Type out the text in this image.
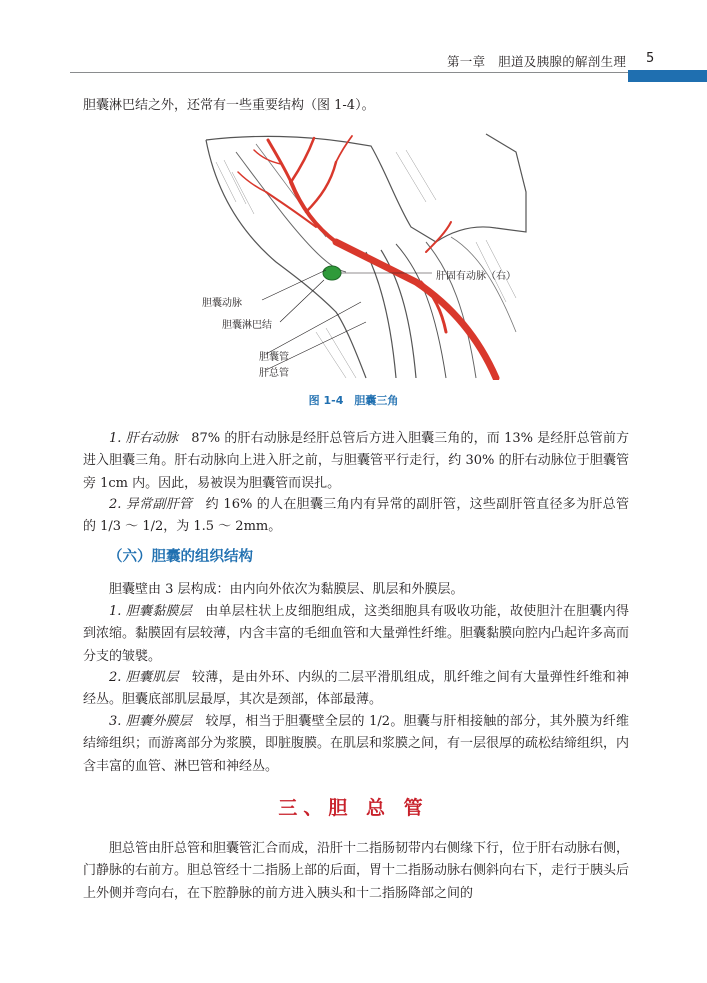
第一章　胆道及胰腺的解剖生理 5

胆囊淋巴结之外，还常有一些重要结构（图 1-4）。

肝固有动脉（右）
胆囊动脉
胆囊淋巴结
胆囊管
肝总管
图 1-4　胆囊三角

1. 肝右动脉　87% 的肝右动脉是经肝总管后方进入胆囊三角的，而 13% 是经肝总管前方进入胆囊三角。肝右动脉向上进入肝之前，与胆囊管平行走行，约 30% 的肝右动脉位于胆囊管旁 1cm 内。因此，易被误为胆囊管而误扎。

2. 异常副肝管　约 16% 的人在胆囊三角内有异常的副肝管，这些副肝管直径多为肝总管的 1/3 ～ 1/2，为 1.5 ～ 2mm。

（六）胆囊的组织结构

胆囊壁由 3 层构成：由内向外依次为黏膜层、肌层和外膜层。

1. 胆囊黏膜层　由单层柱状上皮细胞组成，这类细胞具有吸收功能，故使胆汁在胆囊内得到浓缩。黏膜固有层较薄，内含丰富的毛细血管和大量弹性纤维。胆囊黏膜向腔内凸起许多高而分支的皱襞。

2. 胆囊肌层　较薄，是由外环、内纵的二层平滑肌组成，肌纤维之间有大量弹性纤维和神经丛。胆囊底部肌层最厚，其次是颈部，体部最薄。

3. 胆囊外膜层　较厚，相当于胆囊壁全层的 1/2。胆囊与肝相接触的部分，其外膜为纤维结缔组织；而游离部分为浆膜，即脏腹膜。在肌层和浆膜之间，有一层很厚的疏松结缔组织，内含丰富的血管、淋巴管和神经丛。

三、胆 总 管

胆总管由肝总管和胆囊管汇合而成，沿肝十二指肠韧带内右侧缘下行，位于肝右动脉右侧，门静脉的右前方。胆总管经十二指肠上部的后面，胃十二指肠动脉右侧斜向右下，走行于胰头后上外侧并弯向右，在下腔静脉的前方进入胰头和十二指肠降部之间的
